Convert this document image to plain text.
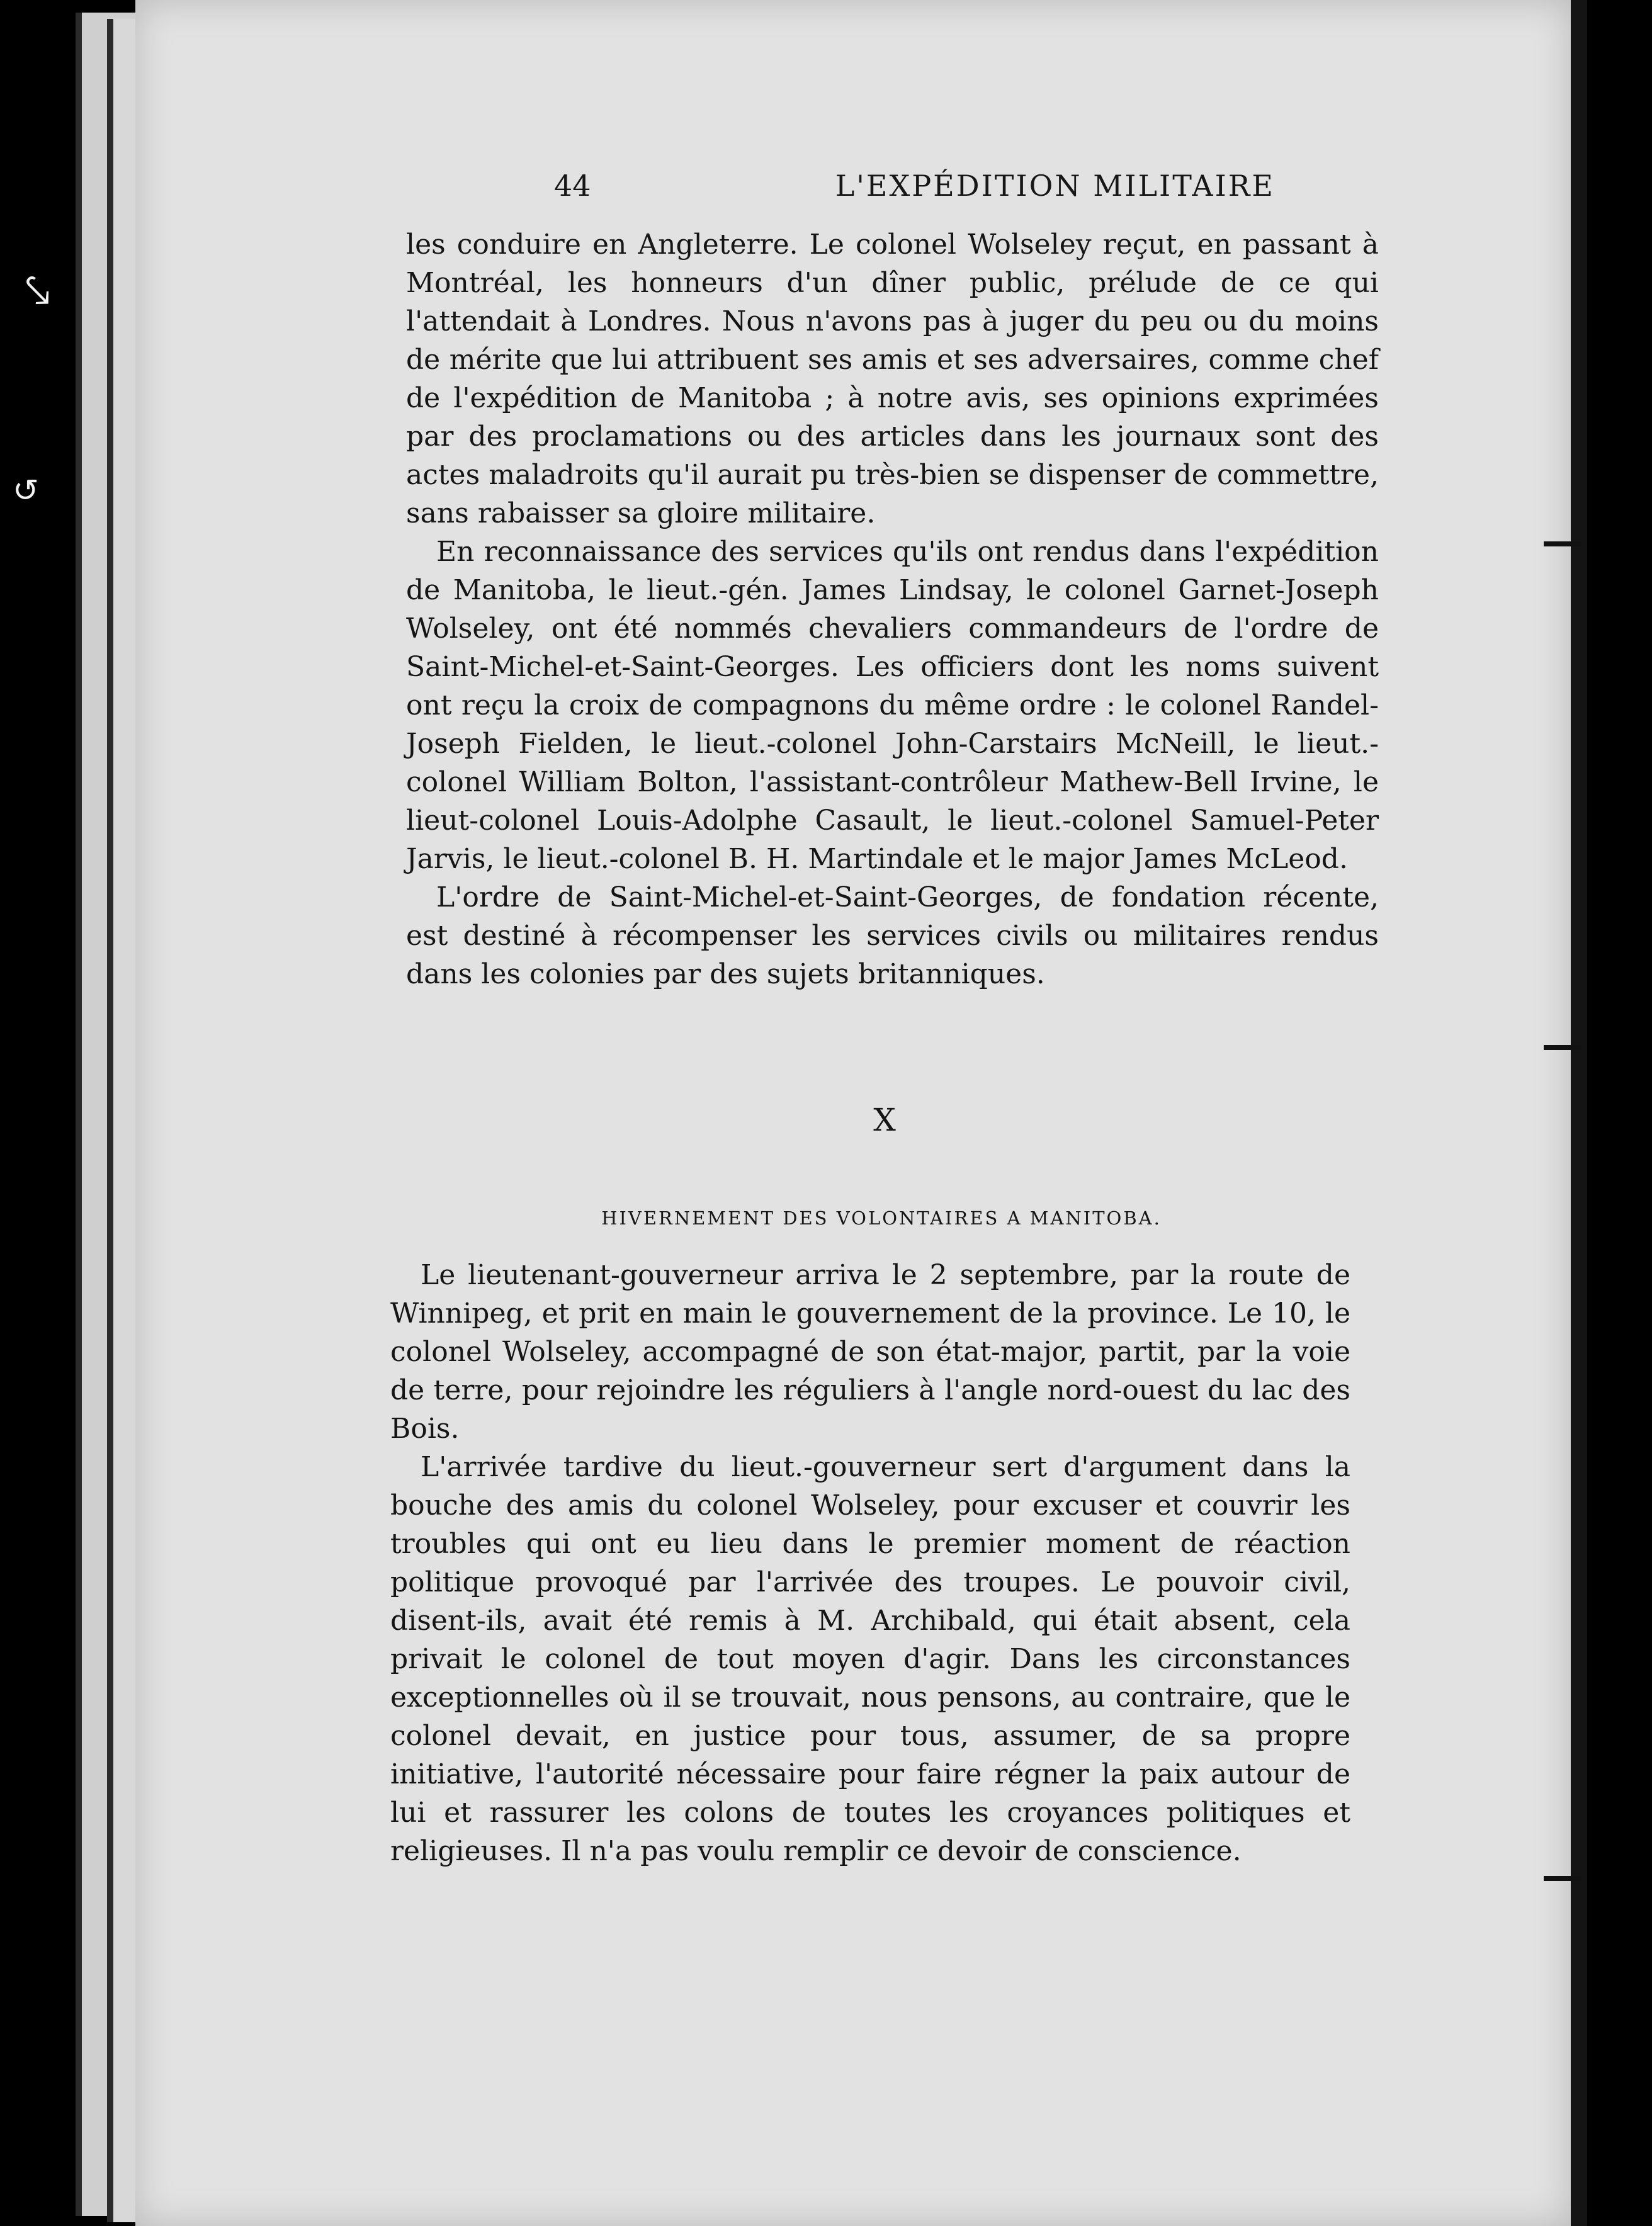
44	L'EXPÉDITION MILITAIRE

les conduire en Angleterre. Le colonel Wolseley reçut, en passant à Montréal, les honneurs d'un dîner public, prélude de ce qui l'attendait à Londres. Nous n'avons pas à juger du peu ou du moins de mérite que lui attribuent ses amis et ses adversaires, comme chef de l'expédition de Manitoba ; à notre avis, ses opinions exprimées par des proclamations ou des articles dans les journaux sont des actes maladroits qu'il aurait pu très-bien se dispenser de commettre, sans rabaisser sa gloire militaire.

En reconnaissance des services qu'ils ont rendus dans l'expédition de Manitoba, le lieut.-gén. James Lindsay, le colonel Garnet-Joseph Wolseley, ont été nommés chevaliers commandeurs de l'ordre de Saint-Michel-et-Saint-Georges. Les officiers dont les noms suivent ont reçu la croix de compagnons du même ordre : le colonel Randel-Joseph Fielden, le lieut.-colonel John-Carstairs McNeill, le lieut.-colonel William Bolton, l'assistant-contrôleur Mathew-Bell Irvine, le lieut-colonel Louis-Adolphe Casault, le lieut.-colonel Samuel-Peter Jarvis, le lieut.-colonel B. H. Martindale et le major James McLeod.

L'ordre de Saint-Michel-et-Saint-Georges, de fondation récente, est destiné à récompenser les services civils ou militaires rendus dans les colonies par des sujets britanniques.

X
HIVERNEMENT DES VOLONTAIRES A MANITOBA.

Le lieutenant-gouverneur arriva le 2 septembre, par la route de Winnipeg, et prit en main le gouvernement de la province. Le 10, le colonel Wolseley, accompagné de son état-major, partit, par la voie de terre, pour rejoindre les réguliers à l'angle nord-ouest du lac des Bois.

L'arrivée tardive du lieut.-gouverneur sert d'argument dans la bouche des amis du colonel Wolseley, pour excuser et couvrir les troubles qui ont eu lieu dans le premier moment de réaction politique provoqué par l'arrivée des troupes. Le pouvoir civil, disent-ils, avait été remis à M. Archibald, qui était absent, cela privait le colonel de tout moyen d'agir. Dans les circonstances exceptionnelles où il se trouvait, nous pensons, au contraire, que le colonel devait, en justice pour tous, assumer, de sa propre initiative, l'autorité nécessaire pour faire régner la paix autour de lui et rassurer les colons de toutes les croyances politiques et religieuses. Il n'a pas voulu remplir ce devoir de conscience.

⤥
↺
